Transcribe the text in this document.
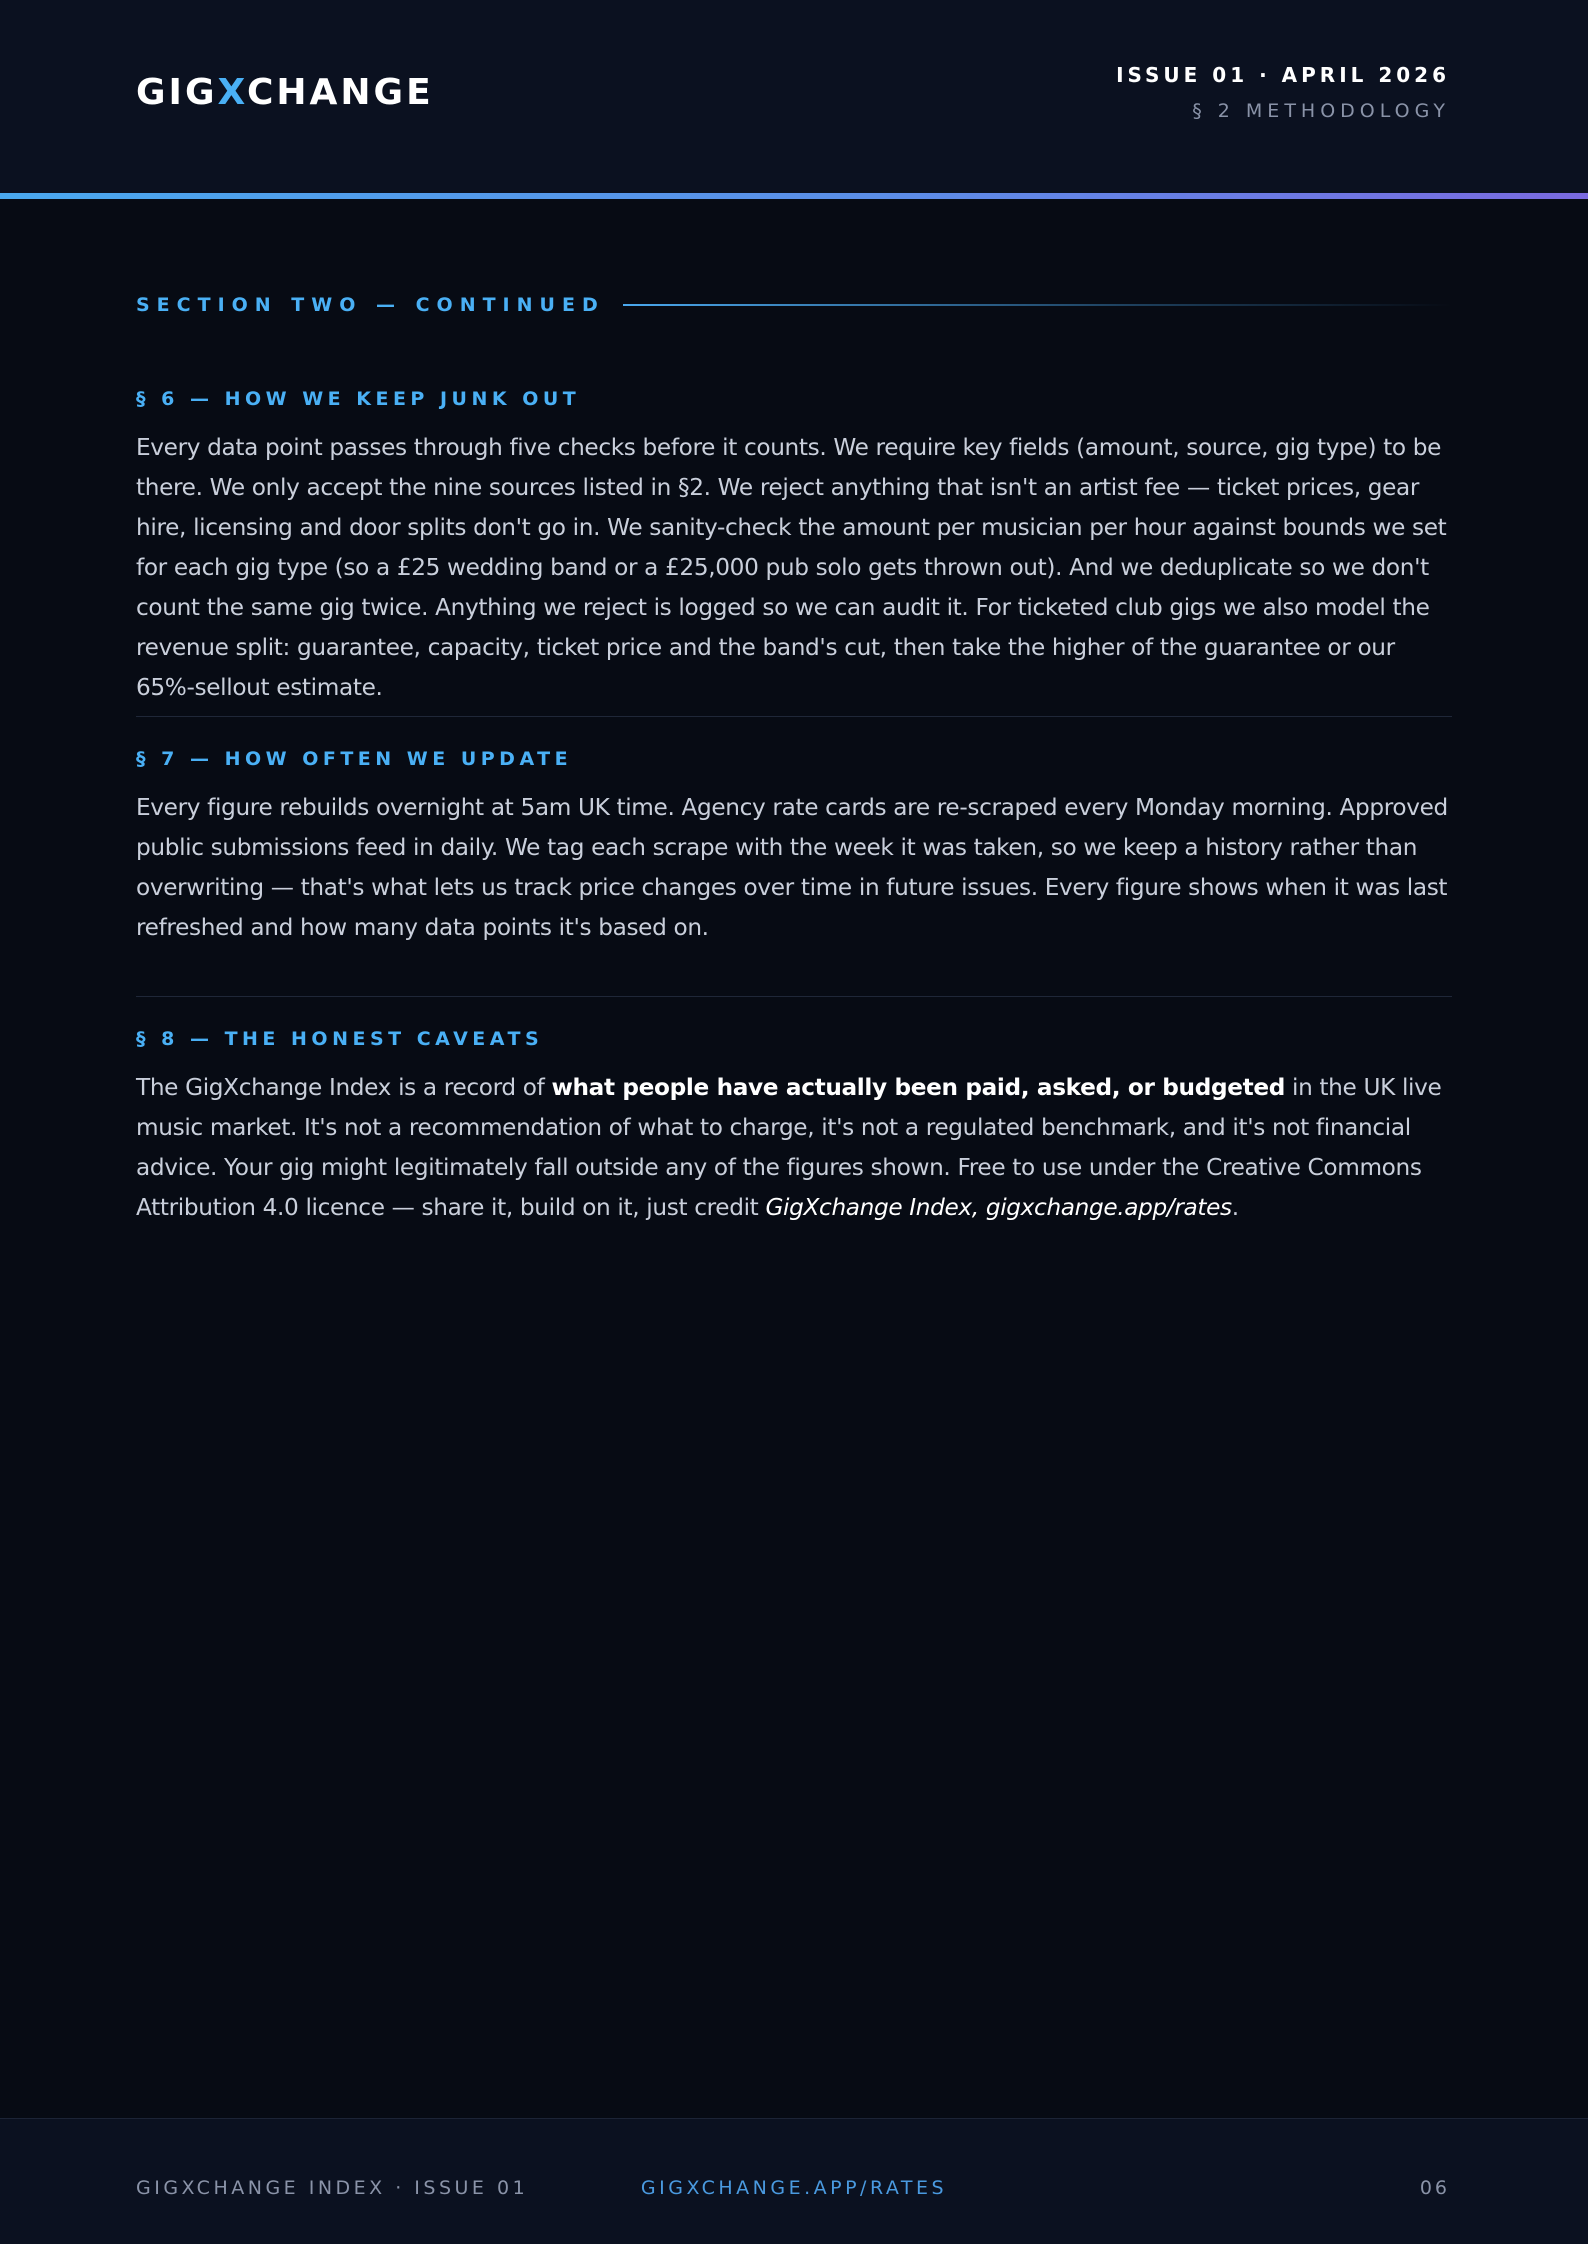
GIGXCHANGE	ISSUE 01 · APRIL 2026
§ 2 METHODOLOGY
SECTION TWO — CONTINUED
§ 6 — HOW WE KEEP JUNK OUT

Every data point passes through five checks before it counts. We require key fields (amount, source, gig type) to be there. We only accept the nine sources listed in §2. We reject anything that isn't an artist fee — ticket prices, gear hire, licensing and door splits don't go in. We sanity-check the amount per musician per hour against bounds we set for each gig type (so a £25 wedding band or a £25,000 pub solo gets thrown out). And we deduplicate so we don't count the same gig twice. Anything we reject is logged so we can audit it. For ticketed club gigs we also model the revenue split: guarantee, capacity, ticket price and the band's cut, then take the higher of the guarantee or our 65%-sellout estimate.

§ 7 — HOW OFTEN WE UPDATE

Every figure rebuilds overnight at 5am UK time. Agency rate cards are re-scraped every Monday morning. Approved public submissions feed in daily. We tag each scrape with the week it was taken, so we keep a history rather than overwriting — that's what lets us track price changes over time in future issues. Every figure shows when it was last refreshed and how many data points it's based on.

§ 8 — THE HONEST CAVEATS

The GigXchange Index is a record of what people have actually been paid, asked, or budgeted in the UK live music market. It's not a recommendation of what to charge, it's not a regulated benchmark, and it's not financial advice. Your gig might legitimately fall outside any of the figures shown. Free to use under the Creative Commons Attribution 4.0 licence — share it, build on it, just credit GigXchange Index, gigxchange.app/rates.

GIGXCHANGE INDEX · ISSUE 01	GIGXCHANGE.APP/RATES	06
